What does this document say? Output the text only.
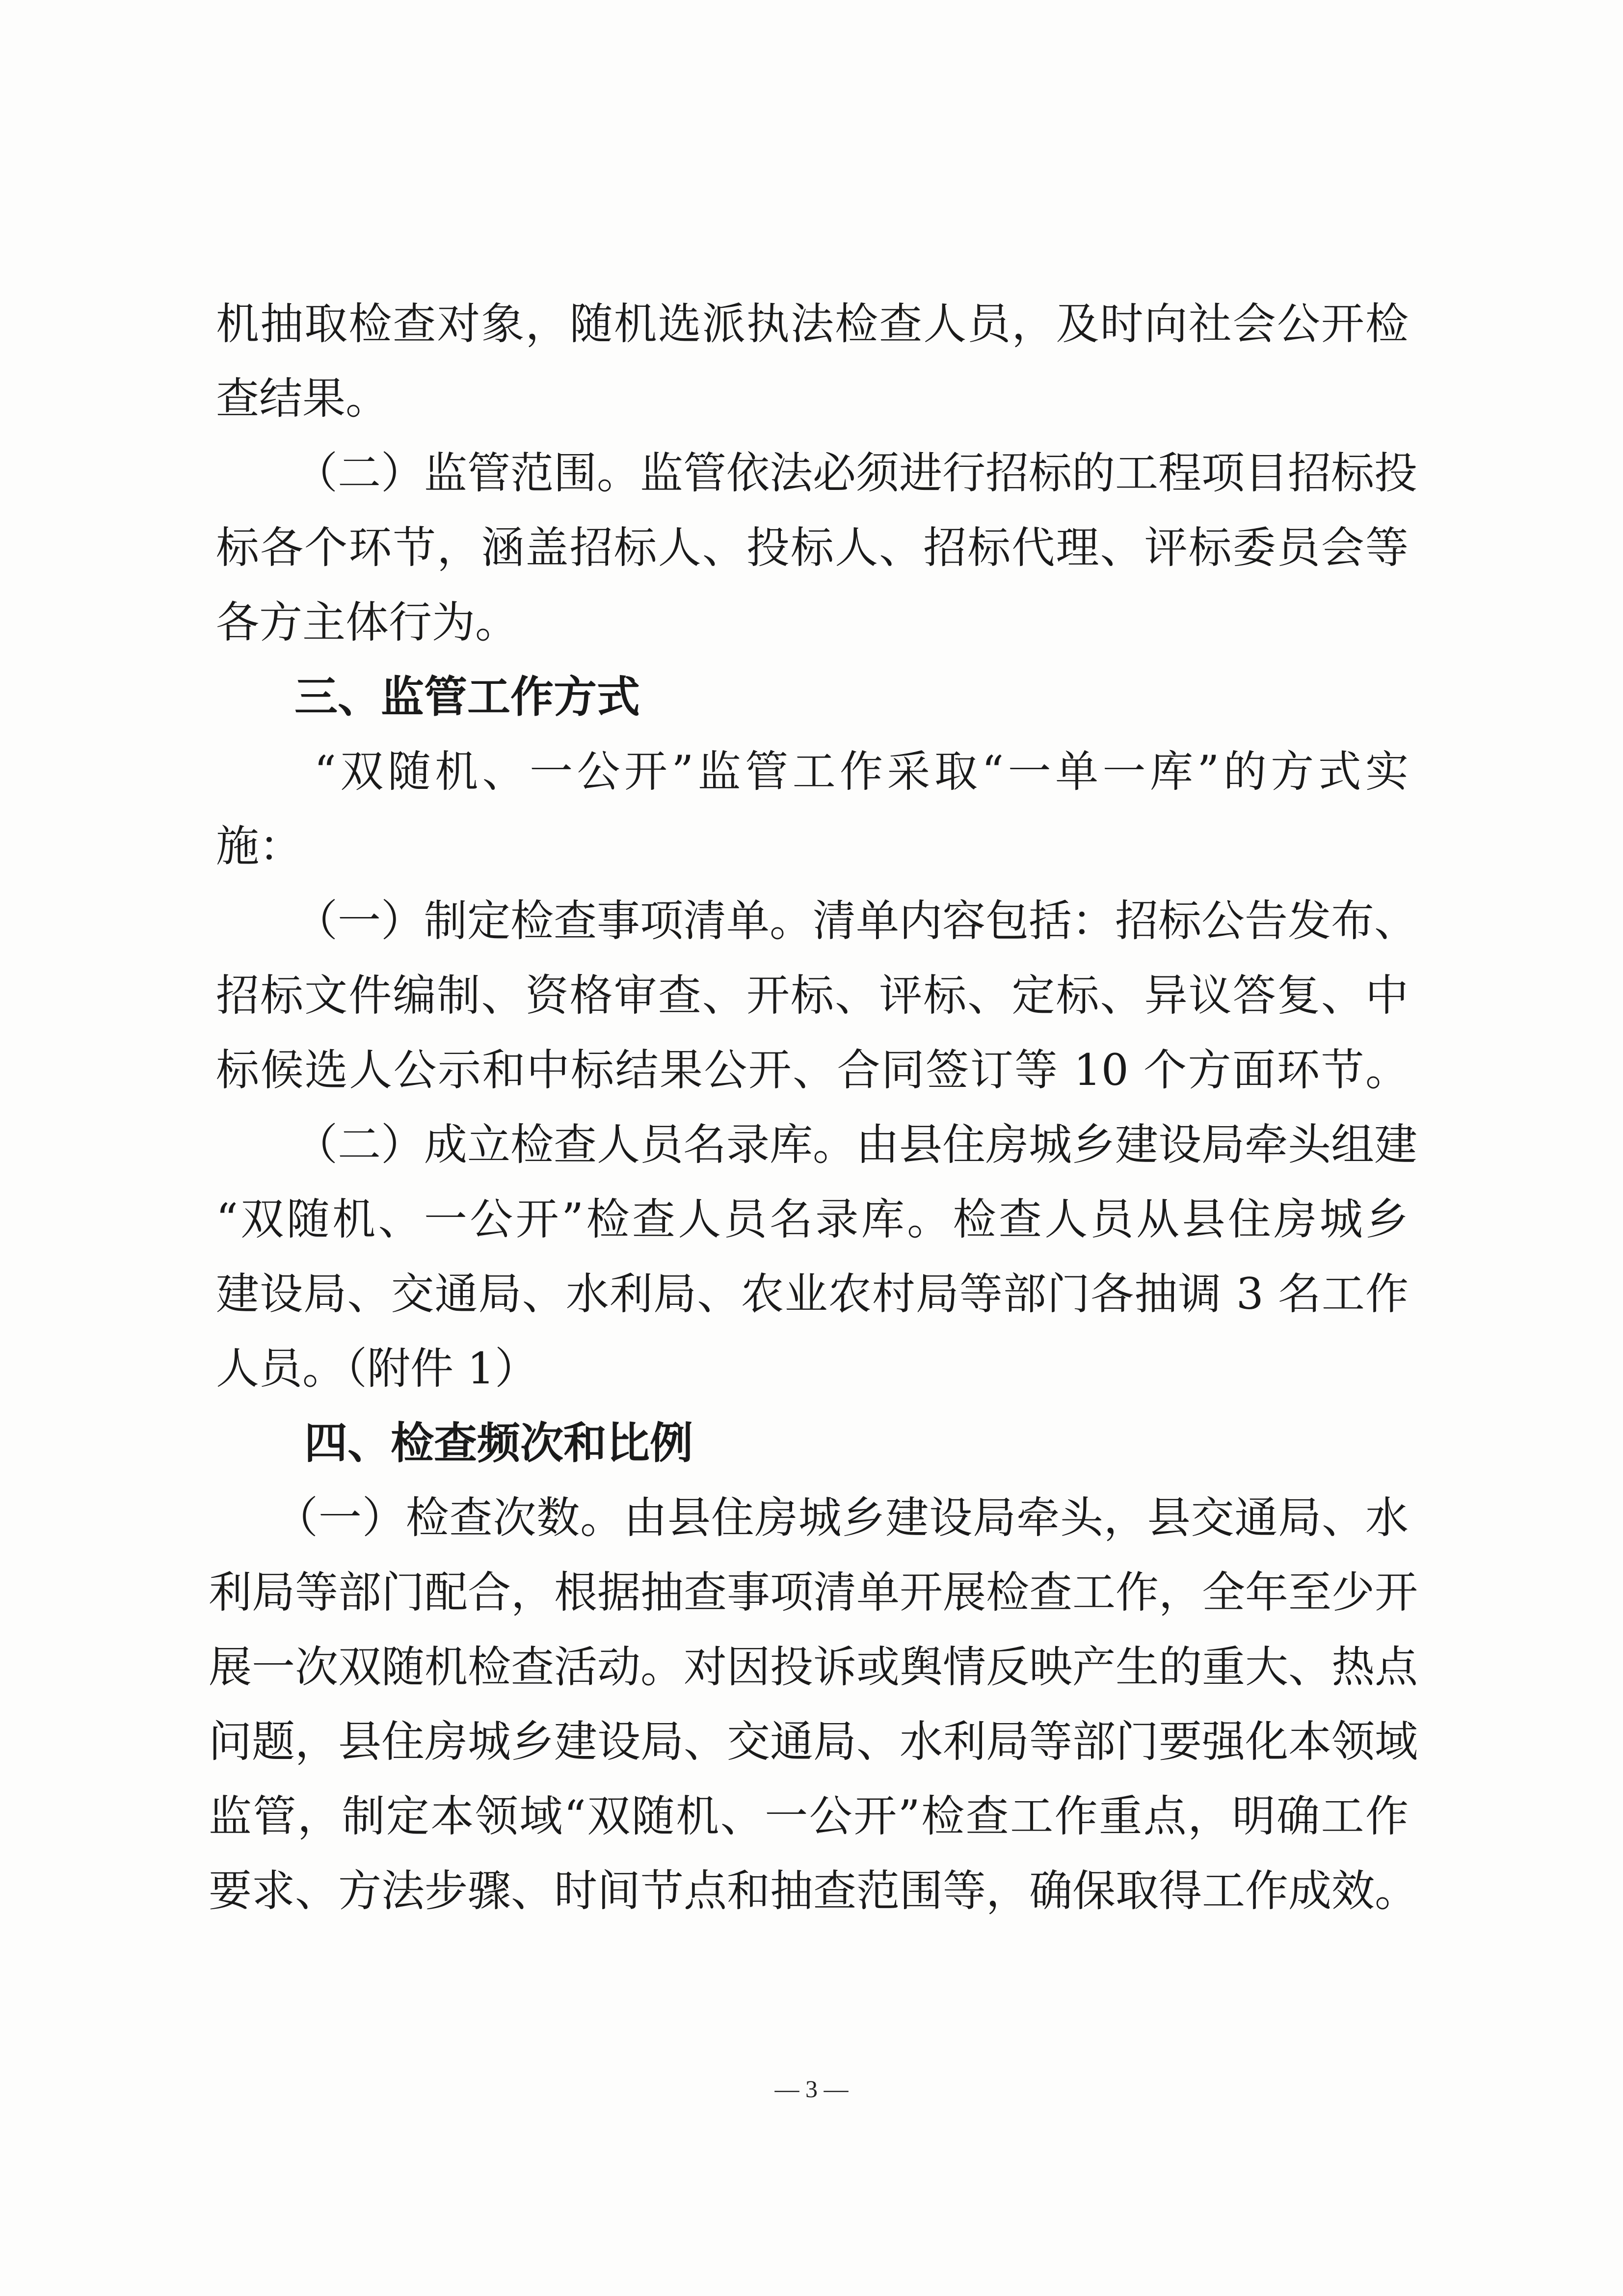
机抽取检查对象，随机选派执法检查人员，及时向社会公开检
查结果。
（二）监管范围。监管依法必须进行招标的工程项目招标投
标各个环节，涵盖招标人、投标人、招标代理、评标委员会等
各方主体行为。
三、监管工作方式
“双随机、一公开”监管工作采取“一单一库”的方式实
施：
（一）制定检查事项清单。清单内容包括：招标公告发布、
招标文件编制、资格审查、开标、评标、定标、异议答复、中
标候选人公示和中标结果公开、合同签订等 10 个方面环节。
（二）成立检查人员名录库。由县住房城乡建设局牵头组建
“双随机、一公开”检查人员名录库。检查人员从县住房城乡
建设局、交通局、水利局、农业农村局等部门各抽调 3 名工作
人员。（附件 1）
四、检查频次和比例
（一）检查次数。由县住房城乡建设局牵头，县交通局、水
利局等部门配合，根据抽查事项清单开展检查工作，全年至少开
展一次双随机检查活动。对因投诉或舆情反映产生的重大、热点
问题，县住房城乡建设局、交通局、水利局等部门要强化本领域
监管，制定本领域“双随机、一公开”检查工作重点，明确工作
要求、方法步骤、时间节点和抽查范围等，确保取得工作成效。
— 3 —
